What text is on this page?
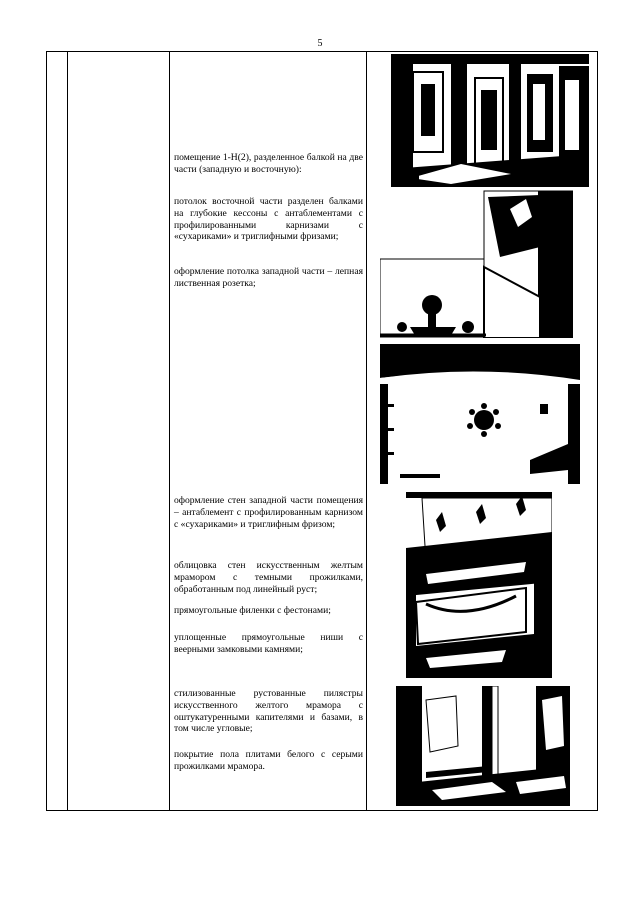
5

помещение 1-Н(2), разделенное балкой на две части (западную и восточную):

потолок восточной части разделен балками на глубокие кессоны с антаблементами с профилированными карнизами с «сухариками» и триглифными фризами;

оформление потолка западной части – лепная лиственная розетка;

оформление стен западной части помещения – антаблемент с профилированным карнизом с «сухариками» и триглифным фризом;

облицовка стен искусственным желтым мрамором с темными прожилками, обработанным под линейный руст;

прямоугольные филенки с фестонами;

уплощенные прямоугольные ниши с веерными замковыми камнями;

стилизованные рустованные пилястры искусственного желтого мрамора с оштукатуренными капителями и базами, в том числе угловые;

покрытие пола плитами белого с серыми прожилками мрамора.
